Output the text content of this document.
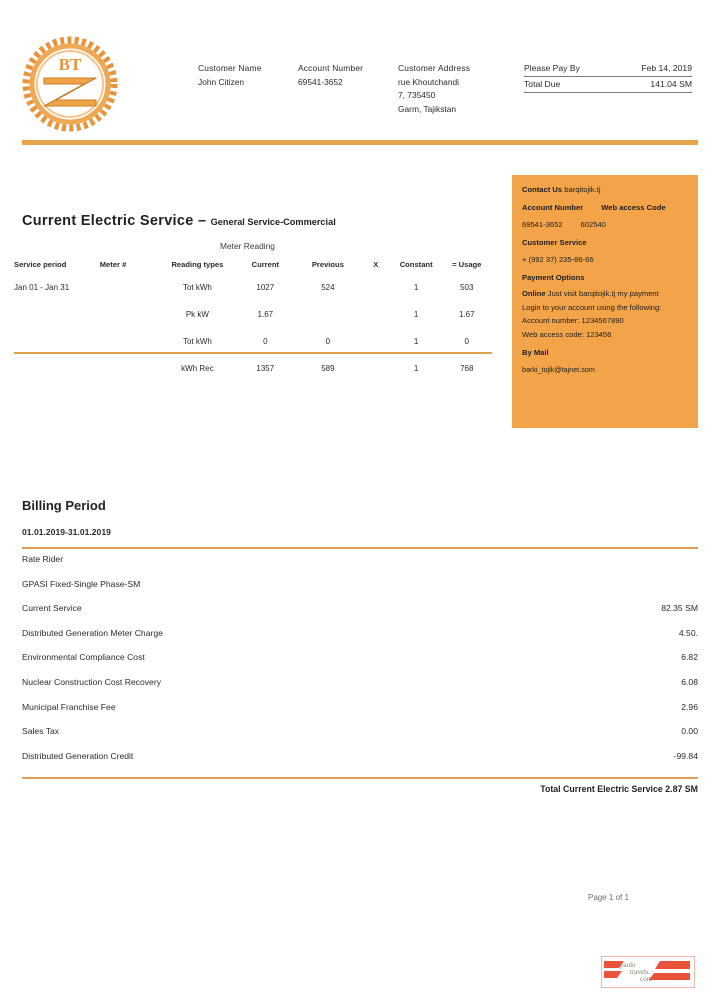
BT	Customer Name
John Citizen
Account Number
69541-3652
Customer Address
rue Khoutchandi
7, 735450
Garm, Tajikstan
Please Pay By	Feb 14, 2019
Total Due	141.04 SM
Current Electric Service – General Service-Commercial
Meter Reading
Service period	Meter #	Reading types	Current	Previous	X	Constant	= Usage
Jan 01 - Jan 31		Tot kWh	1027	524		1	503
		Pk kW	1.67			1	1.67
		Tot kWh	0	0		1	0
		kWh Rec	1357	589		1	768
Contact Us barqitojik.tj
Account Number Web access Code
69541-3652 602540
Customer Service
+ (992 37) 235-86-66
Payment Options
Online Just visit barqitojik.tj my payment
Login to your account using the following:
Account number: 1234567890
Web access code: 123456
By Mail
barki_tojik@tajnet.som
Billing Period
01.01.2019-31.01.2019
Rate Rider
GPASI Fixed-Single Phase-SM
Current Service	82.35 SM
Distributed Generation Meter Charge	4.50.
Environmental Compliance Cost	6.82
Nuclear Construction Cost Recovery	6.08
Municipal Franchise Fee	2.96
Sales Tax	0.00
Distributed Generation Credit	-99.84
Total Current Electric Service 2.87 SM
Page 1 of 1
paulo
travels.
com
